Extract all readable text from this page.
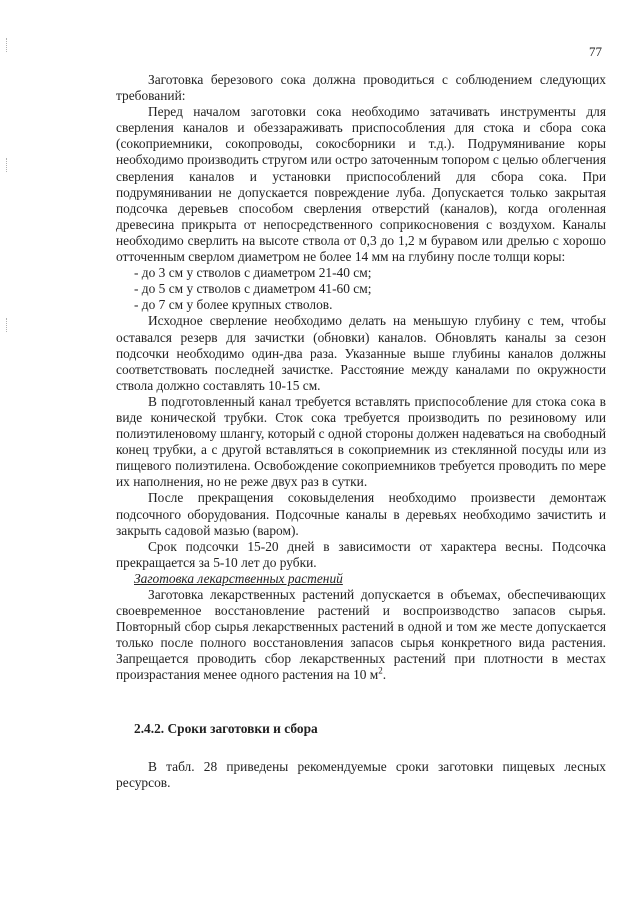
77

Заготовка березового сока должна проводиться с соблюдением следующих требований:

Перед началом заготовки сока необходимо затачивать инструменты для сверления каналов и обеззараживать приспособления для стока и сбора сока (сокоприемники, сокопроводы, сокосборники и т.д.). Подрумянивание коры необходимо производить стругом или остро заточенным топором с целью облегчения сверления каналов и установки приспособлений для сбора сока. При подрумянивании не допускается повреждение луба. Допускается только закрытая подсочка деревьев способом сверления отверстий (каналов), когда оголенная древесина прикрыта от непосредственного соприкосновения с воздухом. Каналы необходимо сверлить на высоте ствола от 0,3 до 1,2 м буравом или дрелью с хорошо отточенным сверлом диаметром не более 14 мм на глубину после толщи коры:

- до 3 см у стволов с диаметром 21-40 см;
- до 5 см у стволов с диаметром 41-60 см;
- до 7 см у более крупных стволов.

Исходное сверление необходимо делать на меньшую глубину с тем, чтобы оставался резерв для зачистки (обновки) каналов. Обновлять каналы за сезон подсочки необходимо один-два раза. Указанные выше глубины каналов должны соответствовать последней зачистке. Расстояние между каналами по окружности ствола должно составлять 10-15 см.

В подготовленный канал требуется вставлять приспособление для стока сока в виде конической трубки. Сток сока требуется производить по резиновому или полиэтиленовому шлангу, который с одной стороны должен надеваться на свободный конец трубки, а с другой вставляться в сокоприемник из стеклянной посуды или из пищевого полиэтилена. Освобождение сокоприемников требуется проводить по мере их наполнения, но не реже двух раз в сутки.

После прекращения соковыделения необходимо произвести демонтаж подсочного оборудования. Подсочные каналы в деревьях необходимо зачистить и закрыть садовой мазью (варом).

Срок подсочки 15-20 дней в зависимости от характера весны. Подсочка прекращается за 5-10 лет до рубки.

Заготовка лекарственных растений

Заготовка лекарственных растений допускается в объемах, обеспечивающих своевременное восстановление растений и воспроизводство запасов сырья. Повторный сбор сырья лекарственных растений в одной и том же месте допускается только после полного восстановления запасов сырья конкретного вида растения. Запрещается проводить сбор лекарственных растений при плотности в местах произрастания менее одного растения на 10 $м^2$.

2.4.2. Сроки заготовки и сбора

В табл. 28 приведены рекомендуемые сроки заготовки пищевых лесных ресурсов.
